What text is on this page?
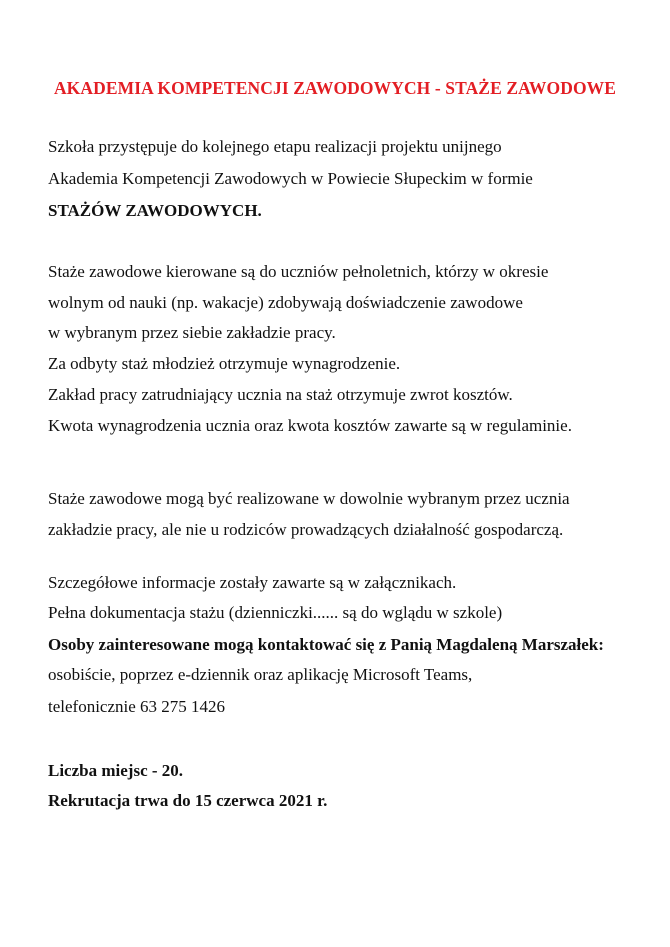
AKADEMIA KOMPETENCJI ZAWODOWYCH - STAŻE ZAWODOWE
Szkoła przystępuje do kolejnego etapu realizacji projektu unijnego
Akademia Kompetencji Zawodowych w Powiecie Słupeckim w formie
STAŻÓW ZAWODOWYCH.
Staże zawodowe kierowane są do uczniów pełnoletnich, którzy w okresie
wolnym od nauki (np. wakacje) zdobywają doświadczenie zawodowe
w wybranym przez siebie zakładzie pracy.
Za odbyty staż młodzież otrzymuje wynagrodzenie.
Zakład pracy zatrudniający ucznia na staż otrzymuje zwrot kosztów.
Kwota wynagrodzenia ucznia oraz kwota kosztów zawarte są w regulaminie.
Staże zawodowe mogą być realizowane w dowolnie wybranym przez ucznia
zakładzie pracy, ale nie u rodziców prowadzących działalność gospodarczą.
Szczegółowe informacje zostały zawarte są w załącznikach.
Pełna dokumentacja stażu (dzienniczki...... są do wglądu w szkole)
Osoby zainteresowane mogą kontaktować się z Panią Magdaleną Marszałek:
osobiście, poprzez e-dziennik oraz aplikację Microsoft Teams,
telefonicznie 63 275 1426
Liczba miejsc - 20.
Rekrutacja trwa do 15 czerwca 2021 r.
